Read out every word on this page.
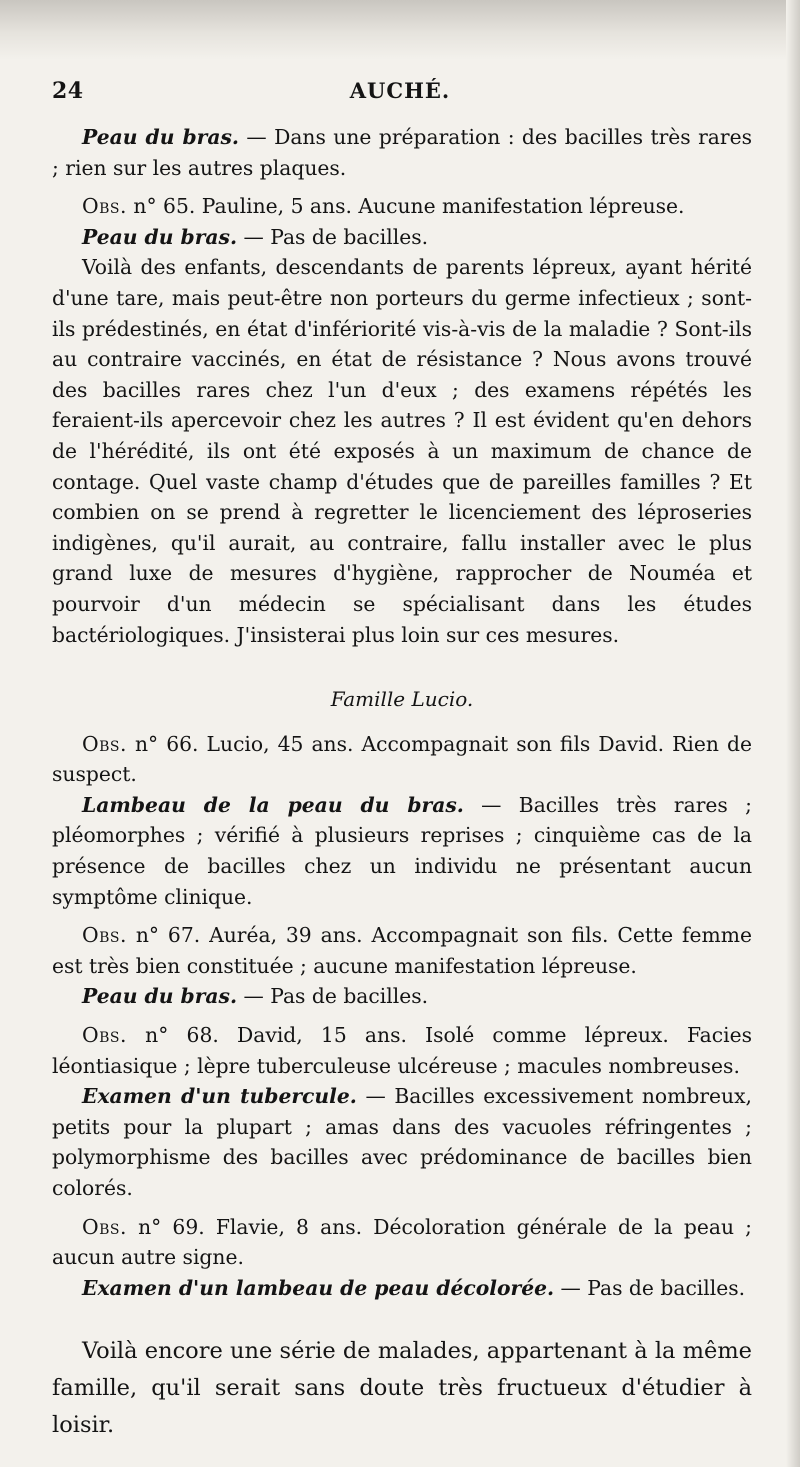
24	AUCHÉ.

Peau du bras. — Dans une préparation : des bacilles très rares ; rien sur les autres plaques.

Obs. n° 65. Pauline, 5 ans. Aucune manifestation lépreuse.

Peau du bras. — Pas de bacilles.

Voilà des enfants, descendants de parents lépreux, ayant hérité d'une tare, mais peut-être non porteurs du germe infectieux ; sont-ils prédestinés, en état d'infériorité vis-à-vis de la maladie ? Sont-ils au contraire vaccinés, en état de résistance ? Nous avons trouvé des bacilles rares chez l'un d'eux ; des examens répétés les feraient-ils apercevoir chez les autres ? Il est évident qu'en dehors de l'hérédité, ils ont été exposés à un maximum de chance de contage. Quel vaste champ d'études que de pareilles familles ? Et combien on se prend à regretter le licenciement des léproseries indigènes, qu'il aurait, au contraire, fallu installer avec le plus grand luxe de mesures d'hygiène, rapprocher de Nouméa et pourvoir d'un médecin se spécialisant dans les études bactériologiques. J'insisterai plus loin sur ces mesures.

Famille Lucio.

Obs. n° 66. Lucio, 45 ans. Accompagnait son fils David. Rien de suspect.

Lambeau de la peau du bras. — Bacilles très rares ; pléomorphes ; vérifié à plusieurs reprises ; cinquième cas de la présence de bacilles chez un individu ne présentant aucun symptôme clinique.

Obs. n° 67. Auréa, 39 ans. Accompagnait son fils. Cette femme est très bien constituée ; aucune manifestation lépreuse.

Peau du bras. — Pas de bacilles.

Obs. n° 68. David, 15 ans. Isolé comme lépreux. Facies léontiasique ; lèpre tuberculeuse ulcéreuse ; macules nombreuses.

Examen d'un tubercule. — Bacilles excessivement nombreux, petits pour la plupart ; amas dans des vacuoles réfringentes ; polymorphisme des bacilles avec prédominance de bacilles bien colorés.

Obs. n° 69. Flavie, 8 ans. Décoloration générale de la peau ; aucun autre signe.

Examen d'un lambeau de peau décolorée. — Pas de bacilles.

Voilà encore une série de malades, appartenant à la même famille, qu'il serait sans doute très fructueux d'étudier à loisir.
